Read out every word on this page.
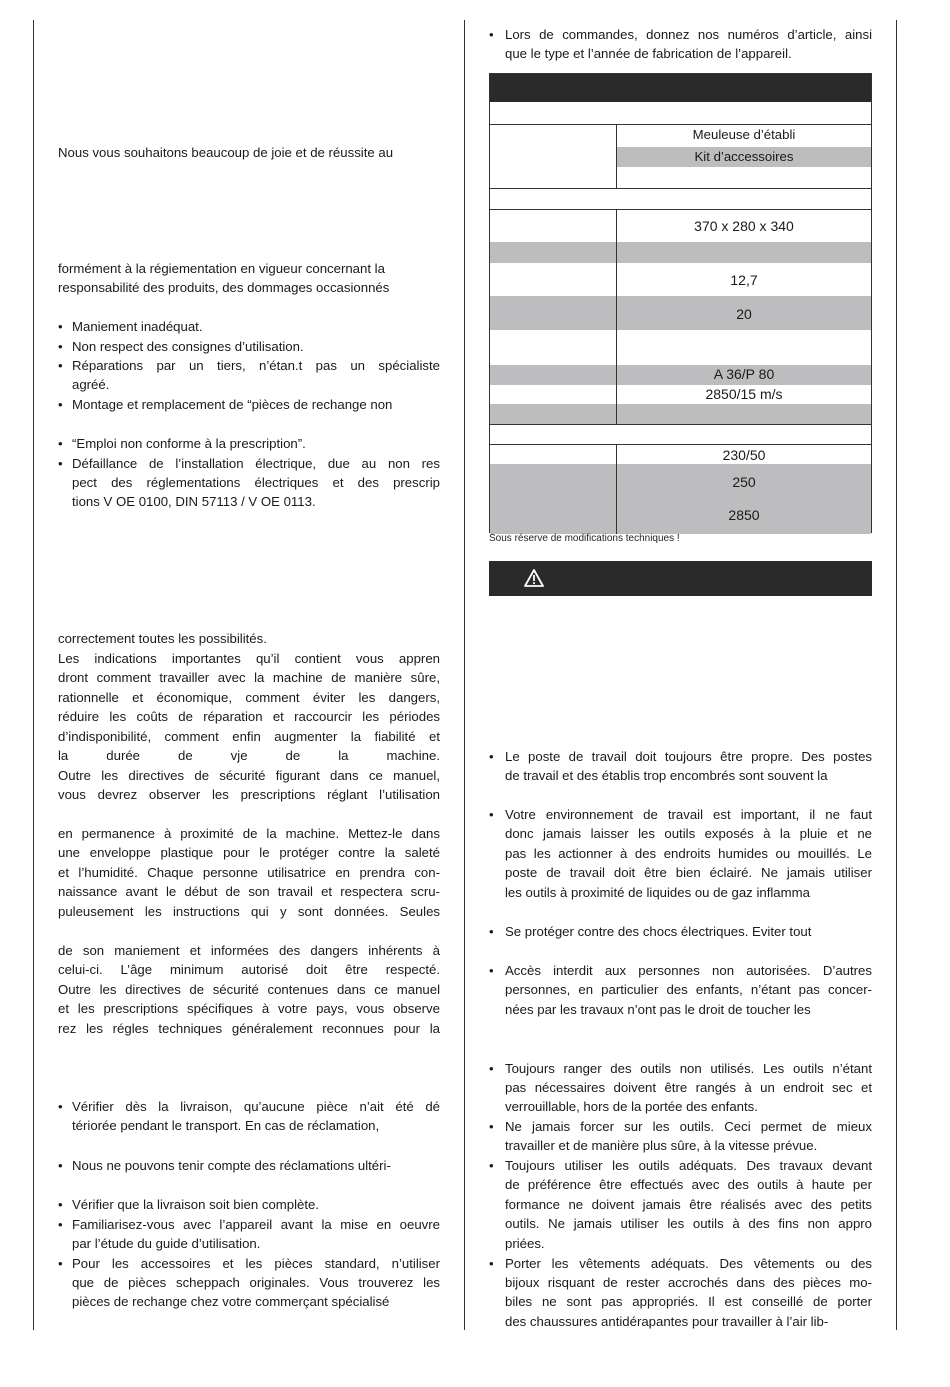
Nous vous souhaitons beaucoup de joie et de réussite au
formément à la régiementation en vigueur concernant la
responsabilité des produits, des dommages occasionnés
• Maniement inadéquat.
• Non respect des consignes d’utilisation.
• Réparations par un tiers, n’étan.t pas un spécialiste
agréé.
• Montage et remplacement de “pièces de rechange non
• “Emploi non conforme à la prescription”.
• Défaillance de l’installation électrique, due au non res
pect des réglementations électriques et des prescrip
tions V OE 0100, DIN 57113 / V OE 0113.
Les indications importantes qu’il contient vous appren
dront comment travailler avec la machine de manière sûre,
rationnelle et économique, comment éviter les dangers,
réduire les coûts de réparation et raccourcir les périodes
d’indisponibilité, comment enfin augmenter la fiabilité et
la durée de vje de la machine.
Outre les directives de sécurité figurant dans ce manuel,
vous devrez observer les prescriptions réglant l’utilisation
correctement toutes les possibilités.
en permanence à proximité de la machine. Mettez-le dans
une enveloppe plastique pour le protéger contre la saleté
et l’humidité. Chaque personne utilisatrice en prendra con-
naissance avant le début de son travail et respectera scru-
puleusement les instructions qui y sont données. Seules
de son maniement et informées des dangers inhérents à
celui-ci. L’âge minimum autorisé doit être respecté.
Outre les directives de sécurité contenues dans ce manuel
et les prescriptions spécifiques à votre pays, vous observe
rez les régles techniques généralement reconnues pour la
• Vérifier dès la livraison, qu’aucune pièce n’ait été dé
tériorée pendant le transport. En cas de réclamation,
• Nous ne pouvons tenir compte des réclamations ultéri-
• Vérifier que la livraison soit bien complète.
• Familiarisez-vous avec l’appareil avant la mise en oeuvre
par l’étude du guide d’utilisation.
• Pour les accessoires et les pièces standard, n’utiliser
que de pièces scheppach originales. Vous trouverez les
pièces de rechange chez votre commerçant spécialisé
• Lors de commandes, donnez nos numéros d’article, ainsi
que le type et l’année de fabrication de l’appareil.
Meuleuse d’établi
Kit d’accessoires
370 x 280 x 340
12,7
20
A 36/P 80
2850/15 m/s
230/50
250
2850
Sous réserve de modifications techniques !
• Le poste de travail doit toujours être propre. Des postes
de travail et des établis trop encombrés sont souvent la
• Votre environnement de travail est important, il ne faut
donc jamais laisser les outils exposés à la pluie et ne
pas les actionner à des endroits humides ou mouillés. Le
poste de travail doit être bien éclairé. Ne jamais utiliser
les outils à proximité de liquides ou de gaz inflamma
• Se protéger contre des chocs électriques. Eviter tout
• Accès interdit aux personnes non autorisées. D’autres
personnes, en particulier des enfants, n’étant pas concer-
nées par les travaux n’ont pas le droit de toucher les
• Toujours ranger des outils non utilisés. Les outils n’étant
pas nécessaires doivent être rangés à un endroit sec et
verrouillable, hors de la portée des enfants.
• Ne jamais forcer sur les outils. Ceci permet de mieux
travailler et de manière plus sûre, à la vitesse prévue.
• Toujours utiliser les outils adéquats. Des travaux devant
de préférence être effectués avec des outils à haute per
formance ne doivent jamais être réalisés avec des petits
outils. Ne jamais utiliser les outils à des fins non appro
priées.
• Porter les vêtements adéquats. Des vêtements ou des
bijoux risquant de rester accrochés dans des pièces mo-
biles ne sont pas appropriés. Il est conseillé de porter
des chaussures antidérapantes pour travailler à l’air lib-
